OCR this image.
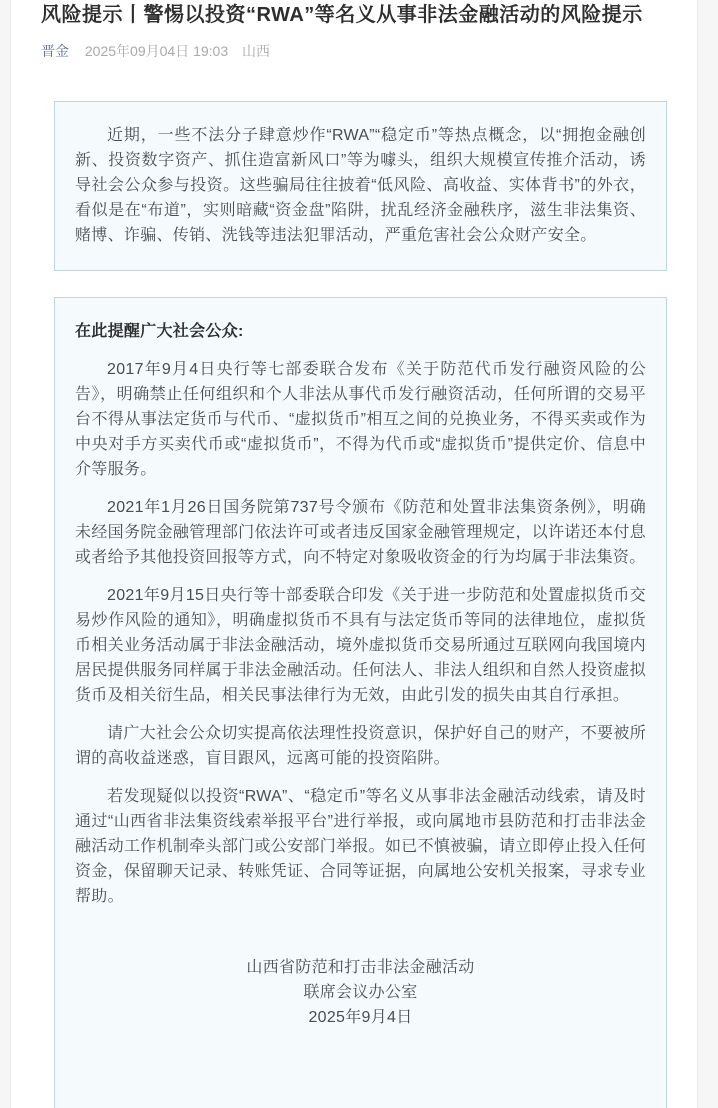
风险提示丨警惕以投资“RWA”等名义从事非法金融活动的风险提示
晋金 2025年09月04日 19:03 山西

近期，一些不法分子肆意炒作“RWA”“稳定币”等热点概念，以“拥抱金融创新、投资数字资产、抓住造富新风口”等为噱头，组织大规模宣传推介活动，诱导社会公众参与投资。这些骗局往往披着“低风险、高收益、实体背书”的外衣，看似是在“布道”，实则暗藏“资金盘”陷阱，扰乱经济金融秩序，滋生非法集资、赌博、诈骗、传销、洗钱等违法犯罪活动，严重危害社会公众财产安全。

在此提醒广大社会公众:

2017年9月4日央行等七部委联合发布《关于防范代币发行融资风险的公告》，明确禁止任何组织和个人非法从事代币发行融资活动，任何所谓的交易平台不得从事法定货币与代币、“虚拟货币”相互之间的兑换业务，不得买卖或作为中央对手方买卖代币或“虚拟货币”，不得为代币或“虚拟货币”提供定价、信息中介等服务。

2021年1月26日国务院第737号令颁布《防范和处置非法集资条例》，明确未经国务院金融管理部门依法许可或者违反国家金融管理规定，以许诺还本付息或者给予其他投资回报等方式，向不特定对象吸收资金的行为均属于非法集资。

2021年9月15日央行等十部委联合印发《关于进一步防范和处置虚拟货币交易炒作风险的通知》，明确虚拟货币不具有与法定货币等同的法律地位，虚拟货币相关业务活动属于非法金融活动，境外虚拟货币交易所通过互联网向我国境内居民提供服务同样属于非法金融活动。任何法人、非法人组织和自然人投资虚拟货币及相关衍生品，相关民事法律行为无效，由此引发的损失由其自行承担。

请广大社会公众切实提高依法理性投资意识，保护好自己的财产，不要被所谓的高收益迷惑，盲目跟风，远离可能的投资陷阱。

若发现疑似以投资“RWA”、“稳定币”等名义从事非法金融活动线索，请及时通过“山西省非法集资线索举报平台”进行举报，或向属地市县防范和打击非法金融活动工作机制牵头部门或公安部门举报。如已不慎被骗，请立即停止投入任何资金，保留聊天记录、转账凭证、合同等证据，向属地公安机关报案，寻求专业帮助。

山西省防范和打击非法金融活动
联席会议办公室
2025年9月4日
